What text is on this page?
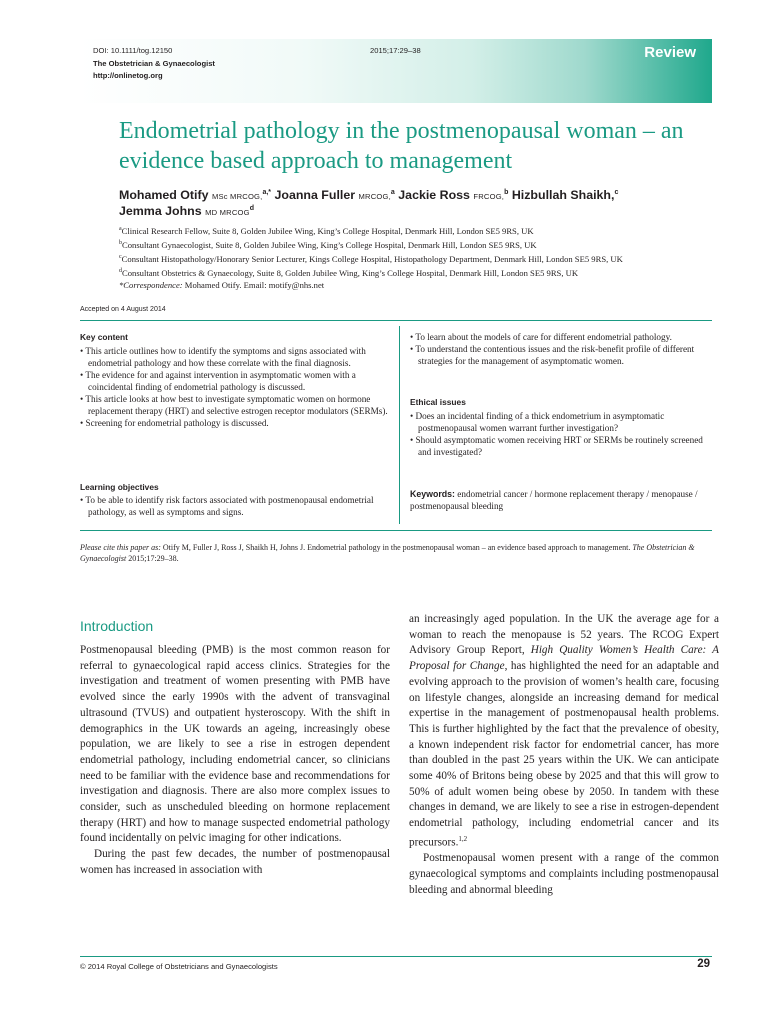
DOI: 10.1111/tog.12150
The Obstetrician & Gynaecologist
http://onlinetog.org
2015;17:29–38	Review
Endometrial pathology in the postmenopausal woman – an evidence based approach to management
Mohamed Otify MSc MRCOG,$^{a,*}$ Joanna Fuller MRCOG,$^a$ Jackie Ross FRCOG,$^b$ Hizbullah Shaikh,$^c$
Jemma Johns MD MRCOG$^d$
$^a$Clinical Research Fellow, Suite 8, Golden Jubilee Wing, King’s College Hospital, Denmark Hill, London SE5 9RS, UK
$^b$Consultant Gynaecologist, Suite 8, Golden Jubilee Wing, King’s College Hospital, Denmark Hill, London SE5 9RS, UK
$^c$Consultant Histopathology/Honorary Senior Lecturer, Kings College Hospital, Histopathology Department, Denmark Hill, London SE5 9RS, UK
$^d$Consultant Obstetrics & Gynaecology, Suite 8, Golden Jubilee Wing, King’s College Hospital, Denmark Hill, London SE5 9RS, UK
*Correspondence: Mohamed Otify. Email: motify@nhs.net
Accepted on 4 August 2014
Key content
• This article outlines how to identify the symptoms and signs associated with endometrial pathology and how these correlate with the final diagnosis.
• The evidence for and against intervention in asymptomatic women with a coincidental finding of endometrial pathology is discussed.
• This article looks at how best to investigate symptomatic women on hormone replacement therapy (HRT) and selective estrogen receptor modulators (SERMs).
• Screening for endometrial pathology is discussed.
Learning objectives
• To be able to identify risk factors associated with postmenopausal endometrial pathology, as well as symptoms and signs.
• To learn about the models of care for different endometrial pathology.
• To understand the contentious issues and the risk-benefit profile of different strategies for the management of asymptomatic women.
Ethical issues
• Does an incidental finding of a thick endometrium in asymptomatic postmenopausal women warrant further investigation?
• Should asymptomatic women receiving HRT or SERMs be routinely screened and investigated?
Keywords: endometrial cancer / hormone replacement therapy / menopause / postmenopausal bleeding
Please cite this paper as: Otify M, Fuller J, Ross J, Shaikh H, Johns J. Endometrial pathology in the postmenopausal woman – an evidence based approach to management. The Obstetrician & Gynaecologist 2015;17:29–38.
Introduction

Postmenopausal bleeding (PMB) is the most common reason for referral to gynaecological rapid access clinics. Strategies for the investigation and treatment of women presenting with PMB have evolved since the early 1990s with the advent of transvaginal ultrasound (TVUS) and outpatient hysteroscopy. With the shift in demographics in the UK towards an ageing, increasingly obese population, we are likely to see a rise in estrogen dependent endometrial pathology, including endometrial cancer, so clinicians need to be familiar with the evidence base and recommendations for investigation and diagnosis. There are also more complex issues to consider, such as unscheduled bleeding on hormone replacement therapy (HRT) and how to manage suspected endometrial pathology found incidentally on pelvic imaging for other indications.

During the past few decades, the number of postmenopausal women has increased in association with

an increasingly aged population. In the UK the average age for a woman to reach the menopause is 52 years. The RCOG Expert Advisory Group Report, High Quality Women’s Health Care: A Proposal for Change, has highlighted the need for an adaptable and evolving approach to the provision of women’s health care, focusing on lifestyle changes, alongside an increasing demand for medical expertise in the management of postmenopausal health problems. This is further highlighted by the fact that the prevalence of obesity, a known independent risk factor for endometrial cancer, has more than doubled in the past 25 years within the UK. We can anticipate some 40% of Britons being obese by 2025 and that this will grow to 50% of adult women being obese by 2050. In tandem with these changes in demand, we are likely to see a rise in estrogen-dependent endometrial pathology, including endometrial cancer and its precursors.$^{1,2}$

Postmenopausal women present with a range of the common gynaecological symptoms and complaints including postmenopausal bleeding and abnormal bleeding

© 2014 Royal College of Obstetricians and Gynaecologists	29
